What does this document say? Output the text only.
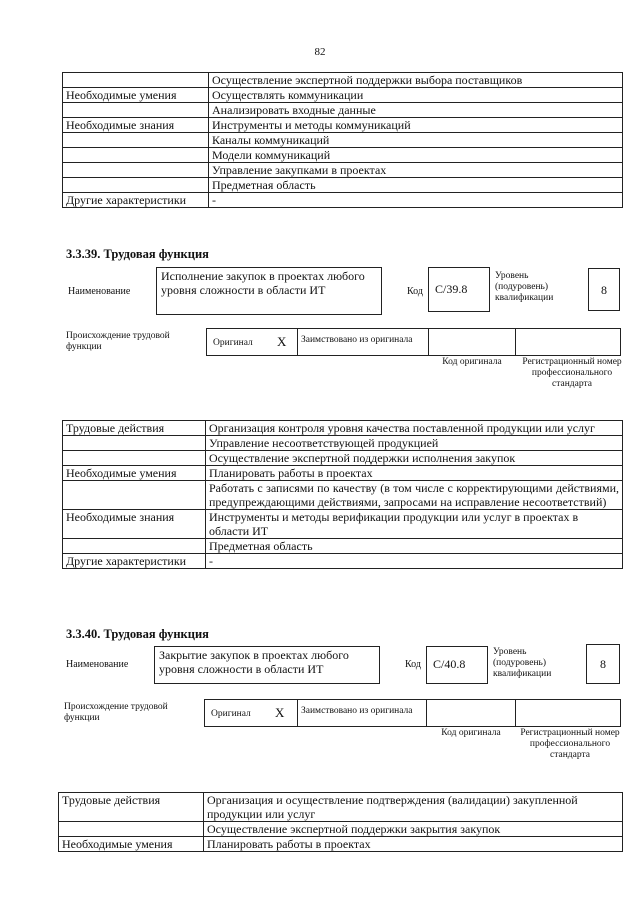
82
	Осуществление экспертной поддержки выбора поставщиков
Необходимые умения	Осуществлять коммуникации
	Анализировать входные данные
Необходимые знания	Инструменты и методы коммуникаций
	Каналы коммуникаций
	Модели коммуникаций
	Управление закупками в проектах
	Предметная область
Другие характеристики	-
3.3.39. Трудовая функция
Наименование
Исполнение закупок в проектах любого уровня сложности в области ИТ	Код	С/39.8
Уровень (подуровень) квалификации
8
Происхождение трудовой функции	Оригинал X	Заимствовано из оригинала
Код оригинала	Регистрационный номер профессионального стандарта
Трудовые действия	Организация контроля уровня качества поставленной продукции или услуг
	Управление несоответствующей продукцией
	Осуществление экспертной поддержки исполнения закупок
Необходимые умения	Планировать работы в проектах
	Работать с записями по качеству (в том числе с корректирующими действиями, предупреждающими действиями, запросами на исправление несоответствий)
Необходимые знания	Инструменты и методы верификации продукции или услуг в проектах в области ИТ
	Предметная область
Другие характеристики	-
3.3.40. Трудовая функция
Наименование
Закрытие закупок в проектах любого уровня сложности в области ИТ	Код	С/40.8
Уровень (подуровень) квалификации
8
Происхождение трудовой функции	Оригинал X	Заимствовано из оригинала
Код оригинала	Регистрационный номер профессионального стандарта
Трудовые действия	Организация и осуществление подтверждения (валидации) закупленной продукции или услуг
	Осуществление экспертной поддержки закрытия закупок
Необходимые умения	Планировать работы в проектах
